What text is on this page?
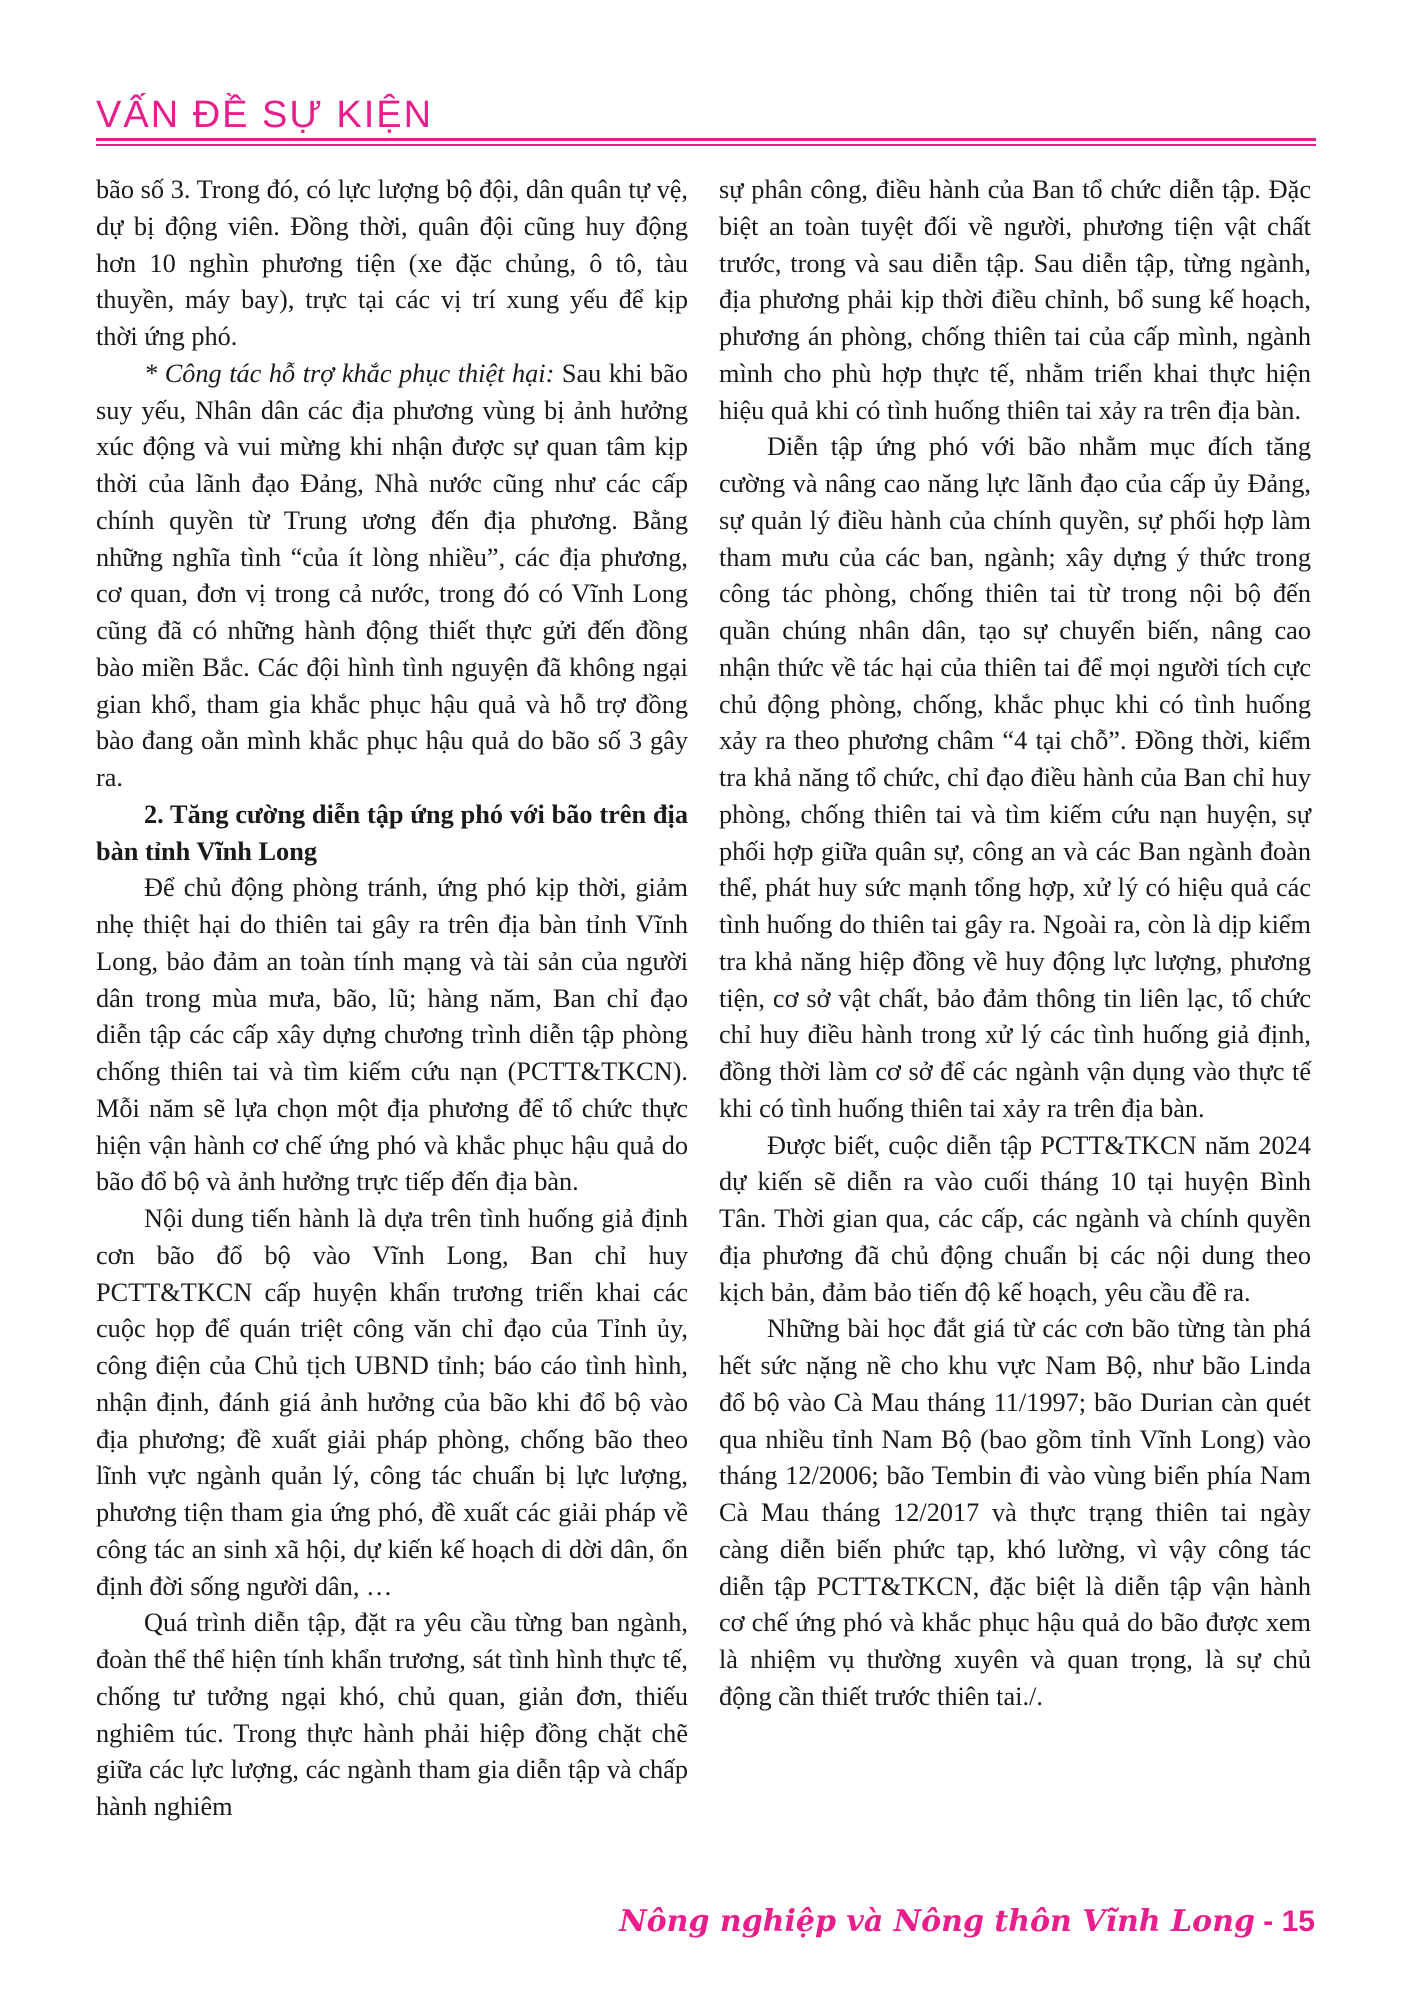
VẤN ĐỀ SỰ KIỆN

bão số 3. Trong đó, có lực lượng bộ đội, dân quân tự vệ, dự bị động viên. Đồng thời, quân đội cũng huy động hơn 10 nghìn phương tiện (xe đặc chủng, ô tô, tàu thuyền, máy bay), trực tại các vị trí xung yếu để kịp thời ứng phó.

* Công tác hỗ trợ khắc phục thiệt hại: Sau khi bão suy yếu, Nhân dân các địa phương vùng bị ảnh hưởng xúc động và vui mừng khi nhận được sự quan tâm kịp thời của lãnh đạo Đảng, Nhà nước cũng như các cấp chính quyền từ Trung ương đến địa phương. Bằng những nghĩa tình “của ít lòng nhiều”, các địa phương, cơ quan, đơn vị trong cả nước, trong đó có Vĩnh Long cũng đã có những hành động thiết thực gửi đến đồng bào miền Bắc. Các đội hình tình nguyện đã không ngại gian khổ, tham gia khắc phục hậu quả và hỗ trợ đồng bào đang oằn mình khắc phục hậu quả do bão số 3 gây ra.

2. Tăng cường diễn tập ứng phó với bão trên địa bàn tỉnh Vĩnh Long

Để chủ động phòng tránh, ứng phó kịp thời, giảm nhẹ thiệt hại do thiên tai gây ra trên địa bàn tỉnh Vĩnh Long, bảo đảm an toàn tính mạng và tài sản của người dân trong mùa mưa, bão, lũ; hàng năm, Ban chỉ đạo diễn tập các cấp xây dựng chương trình diễn tập phòng chống thiên tai và tìm kiếm cứu nạn (PCTT&TKCN). Mỗi năm sẽ lựa chọn một địa phương để tổ chức thực hiện vận hành cơ chế ứng phó và khắc phục hậu quả do bão đổ bộ và ảnh hưởng trực tiếp đến địa bàn.

Nội dung tiến hành là dựa trên tình huống giả định cơn bão đổ bộ vào Vĩnh Long, Ban chỉ huy PCTT&TKCN cấp huyện khẩn trương triển khai các cuộc họp để quán triệt công văn chỉ đạo của Tỉnh ủy, công điện của Chủ tịch UBND tỉnh; báo cáo tình hình, nhận định, đánh giá ảnh hưởng của bão khi đổ bộ vào địa phương; đề xuất giải pháp phòng, chống bão theo lĩnh vực ngành quản lý, công tác chuẩn bị lực lượng, phương tiện tham gia ứng phó, đề xuất các giải pháp về công tác an sinh xã hội, dự kiến kế hoạch di dời dân, ổn định đời sống người dân, …

Quá trình diễn tập, đặt ra yêu cầu từng ban ngành, đoàn thể thể hiện tính khẩn trương, sát tình hình thực tế, chống tư tưởng ngại khó, chủ quan, giản đơn, thiếu nghiêm túc. Trong thực hành phải hiệp đồng chặt chẽ giữa các lực lượng, các ngành tham gia diễn tập và chấp hành nghiêm

sự phân công, điều hành của Ban tổ chức diễn tập. Đặc biệt an toàn tuyệt đối về người, phương tiện vật chất trước, trong và sau diễn tập. Sau diễn tập, từng ngành, địa phương phải kịp thời điều chỉnh, bổ sung kế hoạch, phương án phòng, chống thiên tai của cấp mình, ngành mình cho phù hợp thực tế, nhằm triển khai thực hiện hiệu quả khi có tình huống thiên tai xảy ra trên địa bàn.

Diễn tập ứng phó với bão nhằm mục đích tăng cường và nâng cao năng lực lãnh đạo của cấp ủy Đảng, sự quản lý điều hành của chính quyền, sự phối hợp làm tham mưu của các ban, ngành; xây dựng ý thức trong công tác phòng, chống thiên tai từ trong nội bộ đến quần chúng nhân dân, tạo sự chuyển biến, nâng cao nhận thức về tác hại của thiên tai để mọi người tích cực chủ động phòng, chống, khắc phục khi có tình huống xảy ra theo phương châm “4 tại chỗ”. Đồng thời, kiểm tra khả năng tổ chức, chỉ đạo điều hành của Ban chỉ huy phòng, chống thiên tai và tìm kiếm cứu nạn huyện, sự phối hợp giữa quân sự, công an và các Ban ngành đoàn thể, phát huy sức mạnh tổng hợp, xử lý có hiệu quả các tình huống do thiên tai gây ra. Ngoài ra, còn là dịp kiểm tra khả năng hiệp đồng về huy động lực lượng, phương tiện, cơ sở vật chất, bảo đảm thông tin liên lạc, tổ chức chỉ huy điều hành trong xử lý các tình huống giả định, đồng thời làm cơ sở để các ngành vận dụng vào thực tế khi có tình huống thiên tai xảy ra trên địa bàn.

Được biết, cuộc diễn tập PCTT&TKCN năm 2024 dự kiến sẽ diễn ra vào cuối tháng 10 tại huyện Bình Tân. Thời gian qua, các cấp, các ngành và chính quyền địa phương đã chủ động chuẩn bị các nội dung theo kịch bản, đảm bảo tiến độ kế hoạch, yêu cầu đề ra.

Những bài học đắt giá từ các cơn bão từng tàn phá hết sức nặng nề cho khu vực Nam Bộ, như bão Linda đổ bộ vào Cà Mau tháng 11/1997; bão Durian càn quét qua nhiều tỉnh Nam Bộ (bao gồm tỉnh Vĩnh Long) vào tháng 12/2006; bão Tembin đi vào vùng biển phía Nam Cà Mau tháng 12/2017 và thực trạng thiên tai ngày càng diễn biến phức tạp, khó lường, vì vậy công tác diễn tập PCTT&TKCN, đặc biệt là diễn tập vận hành cơ chế ứng phó và khắc phục hậu quả do bão được xem là nhiệm vụ thường xuyên và quan trọng, là sự chủ động cần thiết trước thiên tai./.

Nông nghiệp và Nông thôn Vĩnh Long - 15
